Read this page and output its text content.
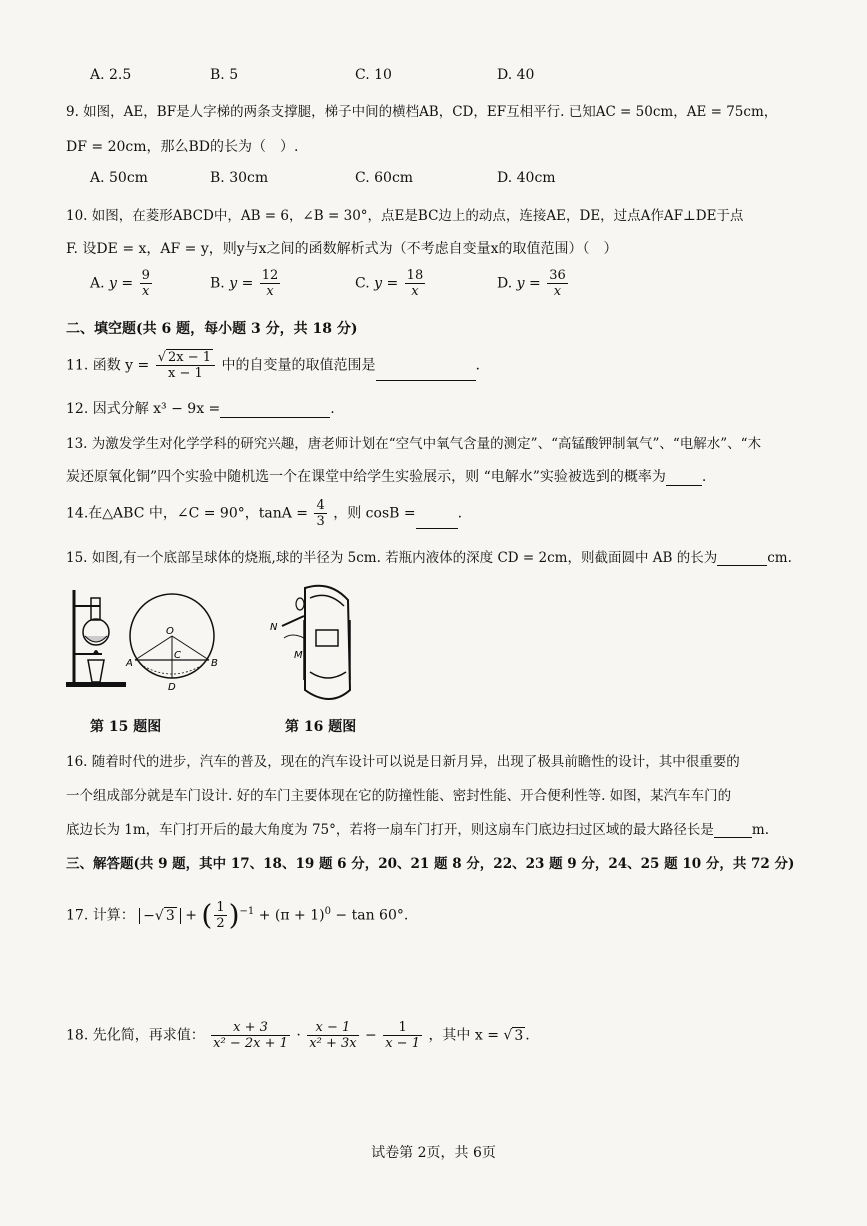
A. 2.5	B. 5	C. 10	D. 40
9. 如图，AE，BF是人字梯的两条支撑腿，梯子中间的横档AB，CD，EF互相平行. 已知AC = 50cm，AE = 75cm，
DF = 20cm，那么BD的长为（　）.
A. 50cm	B. 30cm	C. 60cm	D. 40cm
10. 如图，在菱形ABCD中，AB = 6，∠B = 30°，点E是BC边上的动点，连接AE，DE，过点A作AF⊥DE于点
F. 设DE = x，AF = y，则y与x之间的函数解析式为（不考虑自变量x的取值范围）（　）
A. $y = \frac{9}{x}$	B. $y = \frac{12}{x}$	C. $y = \frac{18}{x}$	D. $y = \frac{36}{x}$
二、填空题(共 6 题，每小题 3 分，共 18 分)
11. 函数 $y = \frac{√ 2x - 1}{x - 1}$ 中的自变量的取值范围是	.
12. 因式分解 x³ − 9x =	.
13. 为激发学生对化学学科的研究兴趣，唐老师计划在“空气中氧气含量的测定”、“高锰酸钾制氧气”、“电解水”、“木
炭还原氧化铜”四个实验中随机选一个在课堂中给学生实验展示，则 “电解水”实验被选到的概率为	.
14.在△ABC 中，∠C = 90°，$\tan A = \frac{4}{3}$ ，则 cosB =	.
15. 如图,有一个底部呈球体的烧瓶,球的半径为 5cm. 若瓶内液体的深度 CD = 2cm，则截面圆中 AB 的长为	cm.
O
A	B
C
D
N
M
第 15 题图	第 16 题图
16. 随着时代的进步，汽车的普及，现在的汽车设计可以说是日新月异，出现了极具前瞻性的设计，其中很重要的
一个组成部分就是车门设计. 好的车门主要体现在它的防撞性能、密封性能、开合便利性等. 如图，某汽车车门的
底边长为 1m，车门打开后的最大角度为 75°，若将一扇车门打开，则这扇车门底边扫过区域的最大路径长是	m.
三、解答题(共 9 题，其中 17、18、19 题 6 分，20、21 题 8 分，22、23 题 9 分，24、25 题 10 分，共 72 分)
17. 计算： −√ 3 + ( $\frac{1}{2} )^{-1} + (\pi + 1)^0 - \tan 60^\circ$.
18. 先化简，再求值： $\frac{x + 3}{\text{x² − 2x + 1}} \cdot \frac{x - 1}{\text{x² + 3x}} - \frac{1}{x - 1}$ ，其中 x = √ 3 .
试卷第 2页，共 6页
